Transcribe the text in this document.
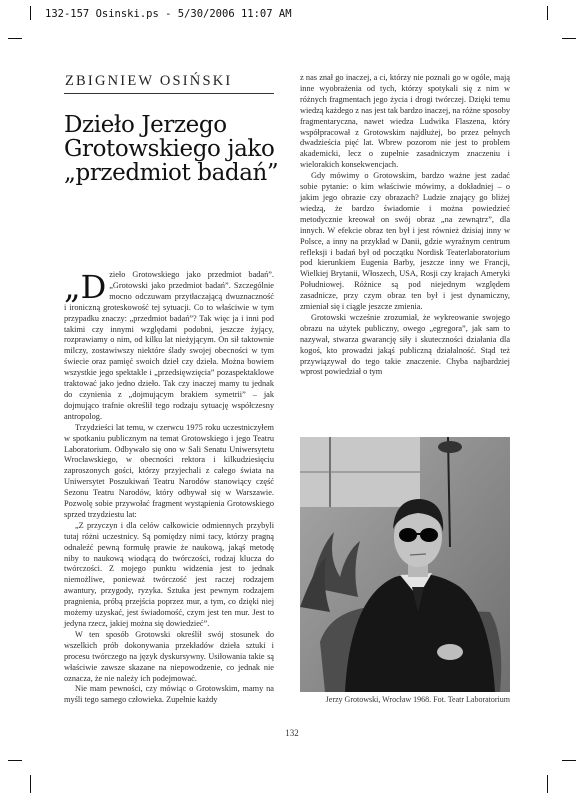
132-157 Osinski.ps - 5/30/2006 11:07 AM
ZBIGNIEW OSIŃSKI
Dzieło Jerzego
Grotowskiego jako
„przedmiot badań”

„Dzieło Grotowskiego jako przedmiot badań”. „Grotowski jako przedmiot badań”. Szczególnie mocno odczuwam przytłaczającą dwuznaczność i ironiczną groteskowość tej sytuacji. Co to właściwie w tym przypadku znaczy: „przedmiot badań”? Tak więc ja i inni pod takimi czy innymi względami podobni, jeszcze żyjący, rozprawiamy o nim, od kilku lat nieżyjącym. On sił taktownie milczy, zostawiwszy niektóre ślady swojej obecności w tym świecie oraz pamięć swoich dzieł czy dzieła. Można bowiem wszystkie jego spektakle i „przedsięwzięcia” pozaspektaklowe traktować jako jedno dzieło. Tak czy inaczej mamy tu jednak do czynienia z „dojmującym brakiem symetrii” – jak dojmująco trafnie określił tego rodzaju sytuację współczesny antropolog.

Trzydzieści lat temu, w czerwcu 1975 roku uczestniczyłem w spotkaniu publicznym na temat Grotowskiego i jego Teatru Laboratorium. Odbywało się ono w Sali Senatu Uniwersytetu Wrocławskiego, w obecności rektora i kilkudziesięciu zaproszonych gości, którzy przyjechali z całego świata na Uniwersytet Poszukiwań Teatru Narodów stanowiący część Sezonu Teatru Narodów, który odbywał się w Warszawie. Pozwolę sobie przywołać fragment wystąpienia Grotowskiego sprzed trzydziestu lat:

„Z przyczyn i dla celów całkowicie odmiennych przybyli tutaj różni uczestnicy. Są pomiędzy nimi tacy, którzy pragną odnaleźć pewną formułę prawie że naukową, jakąś metodę niby to naukową wiodącą do twórczości, rodzaj klucza do twórczości. Z mojego punktu widzenia jest to jednak niemożliwe, ponieważ twórczość jest raczej rodzajem awantury, przygody, ryzyka. Sztuka jest pewnym rodzajem pragnienia, próbą przejścia poprzez mur, a tym, co dzięki niej możemy uzyskać, jest świadomość, czym jest ten mur. Jest to jedyna rzecz, jakiej można się dowiedzieć”.

W ten sposób Grotowski określił swój stosunek do wszelkich prób dokonywania przekładów dzieła sztuki i procesu twórczego na język dyskursywny. Usiłowania takie są właściwie zawsze skazane na niepowodzenie, co jednak nie oznacza, że nie należy ich podejmować.

Nie mam pewności, czy mówiąc o Grotowskim, mamy na myśli tego samego człowieka. Zupełnie każdy

z nas znał go inaczej, a ci, którzy nie poznali go w ogóle, mają inne wyobrażenia od tych, którzy spotykali się z nim w różnych fragmentach jego życia i drogi twórczej. Dzięki temu wiedzą każdego z nas jest tak bardzo inaczej, na różne sposoby fragmentaryczna, nawet wiedza Ludwika Flaszena, który współpracował z Grotowskim najdłużej, bo przez pełnych dwadzieścia pięć lat. Wbrew pozorom nie jest to problem akademicki, lecz o zupełnie zasadniczym znaczeniu i wielorakich konsekwencjach.

Gdy mówimy o Grotowskim, bardzo ważne jest zadać sobie pytanie: o kim właściwie mówimy, a dokładniej – o jakim jego obrazie czy obrazach? Ludzie znający go bliżej wiedzą, że bardzo świadomie i można powiedzieć metodycznie kreował on swój obraz „na zewnątrz”, dla innych. W efekcie obraz ten był i jest również dzisiaj inny w Polsce, a inny na przykład w Danii, gdzie wyraźnym centrum refleksji i badań był od początku Nordisk Teaterlaboratorium pod kierunkiem Eugenia Barby, jeszcze inny we Francji, Wielkiej Brytanii, Włoszech, USA, Rosji czy krajach Ameryki Południowej. Różnice są pod niejednym względem zasadnicze, przy czym obraz ten był i jest dynamiczny, zmieniał się i ciągle jeszcze zmienia.

Grotowski wcześnie zrozumiał, że wykreowanie swojego obrazu na użytek publiczny, owego „egregora”, jak sam to nazywał, stwarza gwarancję siły i skuteczności działania dla kogoś, kto prowadzi jakąś publiczną działalność. Stąd też przywiązywał do tego takie znaczenie. Chyba najbardziej wprost powiedział o tym

Jerzy Grotowski, Wrocław 1968. Fot. Teatr Laboratorium
132
